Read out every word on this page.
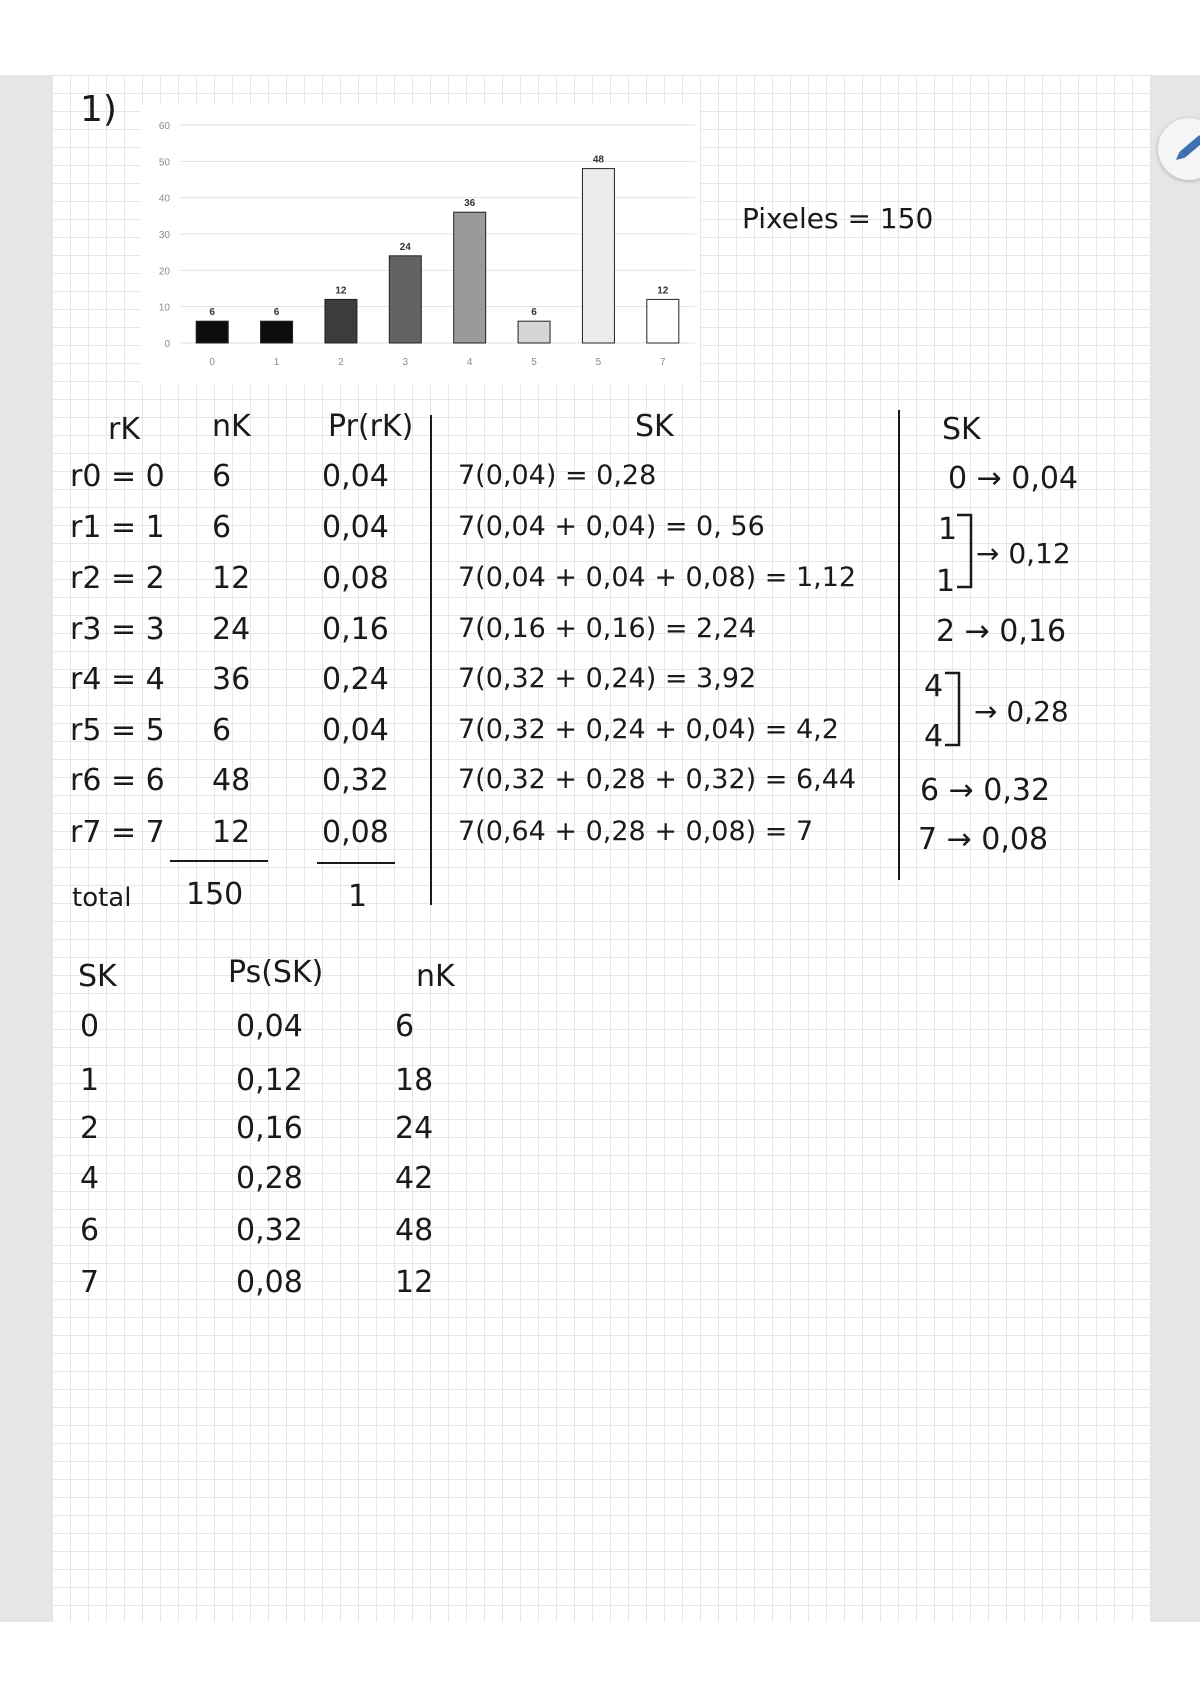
1)
0
10
20
30
40
50
60
6
0
6
1
12
2
24
3
36
4
6
5
48
5
12
7
Pixeles = 150
rK nK	Pr(rK)	SK
r0 = 0 6	0,04	7(0,04) = 0,28
r1 = 1 6	0,04	7(0,04 + 0,04) = 0, 56
r2 = 2 12 0,08	7(0,04 + 0,04 + 0,08) = 1,12
r3 = 3 24 0,16	7(0,16 + 0,16) = 2,24
r4 = 4 36 0,24	7(0,32 + 0,24) = 3,92
r5 = 5 6	0,04	7(0,32 + 0,24 + 0,04) = 4,2
r6 = 6 48 0,32	7(0,32 + 0,28 + 0,32) = 6,44
r7 = 7 12 0,08	7(0,64 + 0,28 + 0,08) = 7
total 150	1
SK
0 → 0,04
1
1
→ 0,12
2 → 0,16
4
4
→ 0,28
6 → 0,32
7 → 0,08
SK	Ps(SK)	nK
0	0,04	6
1	0,12	18
2	0,16	24
4	0,28	42
6	0,32	48
7	0,08	12
